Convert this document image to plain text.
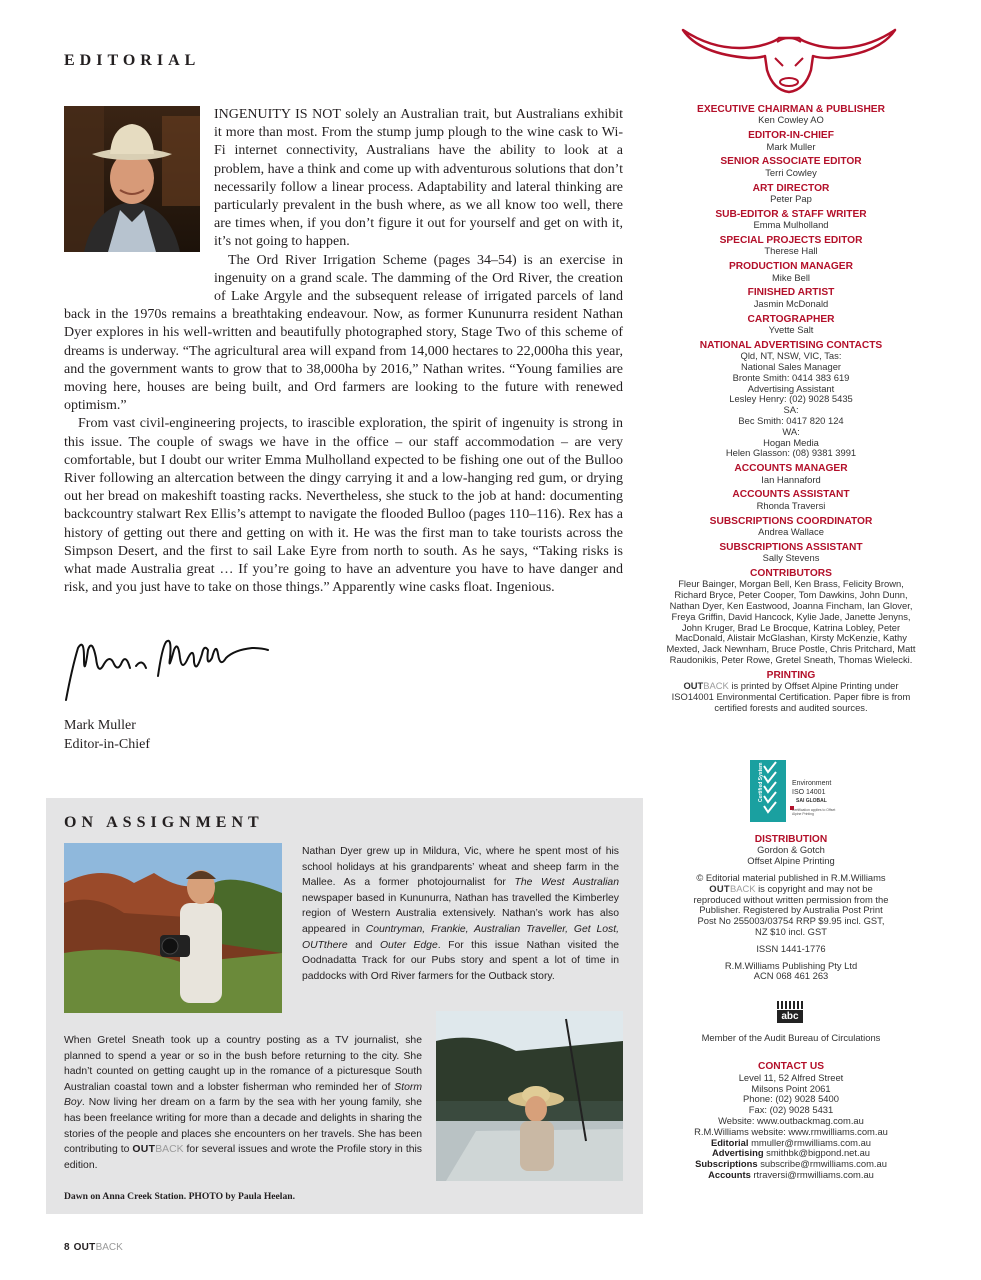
EDITORIAL

INGENUITY IS NOT solely an Australian trait, but Australians exhibit it more than most. From the stump jump plough to the wine cask to Wi-Fi internet connectivity, Australians have the ability to look at a problem, have a think and come up with adventurous solutions that don’t necessarily follow a linear process. Adaptability and lateral thinking are particularly prevalent in the bush where, as we all know too well, there are times when, if you don’t figure it out for yourself and get on with it, it’s not going to happen.

The Ord River Irrigation Scheme (pages 34–54) is an exercise in ingenuity on a grand scale. The damming of the Ord River, the creation of Lake Argyle and the subsequent release of irrigated parcels of land back in the 1970s remains a breathtaking endeavour. Now, as former Kununurra resident Nathan Dyer explores in his well-written and beautifully photographed story, Stage Two of this scheme of dreams is underway. “The agricultural area will expand from 14,000 hectares to 22,000ha this year, and the government wants to grow that to 38,000ha by 2016,” Nathan writes. “Young families are moving here, houses are being built, and Ord farmers are looking to the future with renewed optimism.”

From vast civil-engineering projects, to irascible exploration, the spirit of ingenuity is strong in this issue. The couple of swags we have in the office – our staff accommodation – are very comfortable, but I doubt our writer Emma Mulholland expected to be fishing one out of the Bulloo River following an altercation between the dingy carrying it and a low-hanging red gum, or drying out her bread on makeshift toasting racks. Nevertheless, she stuck to the job at hand: documenting backcountry stalwart Rex Ellis’s attempt to navigate the flooded Bulloo (pages 110–116). Rex has a history of getting out there and getting on with it. He was the first man to take tourists across the Simpson Desert, and the first to sail Lake Eyre from north to south. As he says, “Taking risks is what made Australia great … If you’re going to have an adventure you have to have danger and risk, and you just have to take on those things.” Apparently wine casks float. Ingenious.

Mark Muller
Editor-in-Chief
EXECUTIVE CHAIRMAN & PUBLISHER
Ken Cowley AO
EDITOR-IN-CHIEF
Mark Muller
SENIOR ASSOCIATE EDITOR
Terri Cowley
ART DIRECTOR
Peter Pap
SUB-EDITOR & STAFF WRITER
Emma Mulholland
SPECIAL PROJECTS EDITOR
Therese Hall
PRODUCTION MANAGER
Mike Bell
FINISHED ARTIST
Jasmin McDonald
CARTOGRAPHER
Yvette Salt
NATIONAL ADVERTISING CONTACTS
Qld, NT, NSW, VIC, Tas:
National Sales Manager
Bronte Smith: 0414 383 619
Advertising Assistant
Lesley Henry: (02) 9028 5435
SA:
Bec Smith: 0417 820 124
WA:
Hogan Media
Helen Glasson: (08) 9381 3991
ACCOUNTS MANAGER
Ian Hannaford
ACCOUNTS ASSISTANT
Rhonda Traversi
SUBSCRIPTIONS COORDINATOR
Andrea Wallace
SUBSCRIPTIONS ASSISTANT
Sally Stevens
CONTRIBUTORS
Fleur Bainger, Morgan Bell, Ken Brass, Felicity Brown, Richard Bryce, Peter Cooper, Tom Dawkins, John Dunn, Nathan Dyer, Ken Eastwood, Joanna Fincham, Ian Glover, Freya Griffin, David Hancock, Kylie Jade, Janette Jenyns, John Kruger, Brad Le Brocque, Katrina Lobley, Peter MacDonald, Alistair McGlashan, Kirsty McKenzie, Kathy Mexted, Jack Newnham, Bruce Postle, Chris Pritchard, Matt Raudonikis, Peter Rowe, Gretel Sneath, Thomas Wielecki.
PRINTING
OUTBACK is printed by Offset Alpine Printing under ISO14001 Environmental Certification. Paper fibre is from certified forests and audited sources.
Certified System	Environment
ISO 14001
SAI GLOBAL
Certification applies to Offset Alpine Printing
DISTRIBUTION
Gordon & Gotch
Offset Alpine Printing
© Editorial material published in R.M.Williams OUTBACK is copyright and may not be reproduced without written permission from the Publisher. Registered by Australia Post Print Post No 255003/03754 RRP $9.95 incl. GST, NZ $10 incl. GST
ISSN 1441-1776
R.M.Williams Publishing Pty Ltd
ACN 068 461 263
abc
Member of the Audit Bureau of Circulations
CONTACT US
Level 11, 52 Alfred Street
Milsons Point 2061
Phone: (02) 9028 5400
Fax: (02) 9028 5431
Website: www.outbackmag.com.au
R.M.Williams website: www.rmwilliams.com.au
Editorial mmuller@rmwilliams.com.au
Advertising smithbk@bigpond.net.au
Subscriptions subscribe@rmwilliams.com.au
Accounts rtraversi@rmwilliams.com.au
ON ASSIGNMENT
Nathan Dyer grew up in Mildura, Vic, where he spent most of his school holidays at his grandparents’ wheat and sheep farm in the Mallee. As a former photojournalist for The West Australian newspaper based in Kununurra, Nathan has travelled the Kimberley region of Western Australia extensively. Nathan’s work has also appeared in Countryman, Frankie, Australian Traveller, Get Lost, OUTthere and Outer Edge. For this issue Nathan visited the Oodnadatta Track for our Pubs story and spent a lot of time in paddocks with Ord River farmers for the Outback story.
When Gretel Sneath took up a country posting as a TV journalist, she planned to spend a year or so in the bush before returning to the city. She hadn’t counted on getting caught up in the romance of a picturesque South Australian coastal town and a lobster fisherman who reminded her of Storm Boy. Now living her dream on a farm by the sea with her young family, she has been freelance writing for more than a decade and delights in sharing the stories of the people and places she encounters on her travels. She has been contributing to OUTBACK for several issues and wrote the Profile story in this edition.
Dawn on Anna Creek Station. PHOTO by Paula Heelan.
8 OUTBACK
